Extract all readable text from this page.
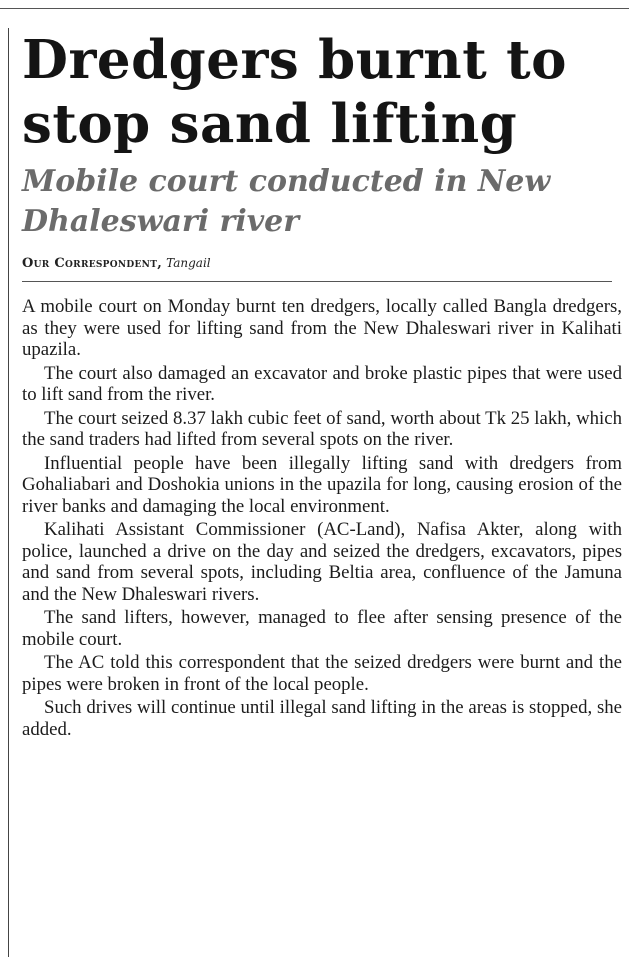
Dredgers burnt to stop sand lifting
Mobile court conducted in New Dhaleswari river
Our Correspondent, Tangail

A mobile court on Monday burnt ten dredgers, locally called Bangla dredgers, as they were used for lifting sand from the New Dhaleswari river in Kalihati upazila.

The court also damaged an excavator and broke plastic pipes that were used to lift sand from the river.

The court seized 8.37 lakh cubic feet of sand, worth about Tk 25 lakh, which the sand traders had lifted from several spots on the river.

Influential people have been illegally lifting sand with dredgers from Gohaliabari and Doshokia unions in the upazila for long, causing erosion of the river banks and damaging the local environment.

Kalihati Assistant Commissioner (AC-Land), Nafisa Akter, along with police, launched a drive on the day and seized the dredgers, excavators, pipes and sand from several spots, including Beltia area, confluence of the Jamuna and the New Dhaleswari rivers.

The sand lifters, however, managed to flee after sensing presence of the mobile court.

The AC told this correspondent that the seized dredgers were burnt and the pipes were broken in front of the local people.

Such drives will continue until illegal sand lifting in the areas is stopped, she added.
